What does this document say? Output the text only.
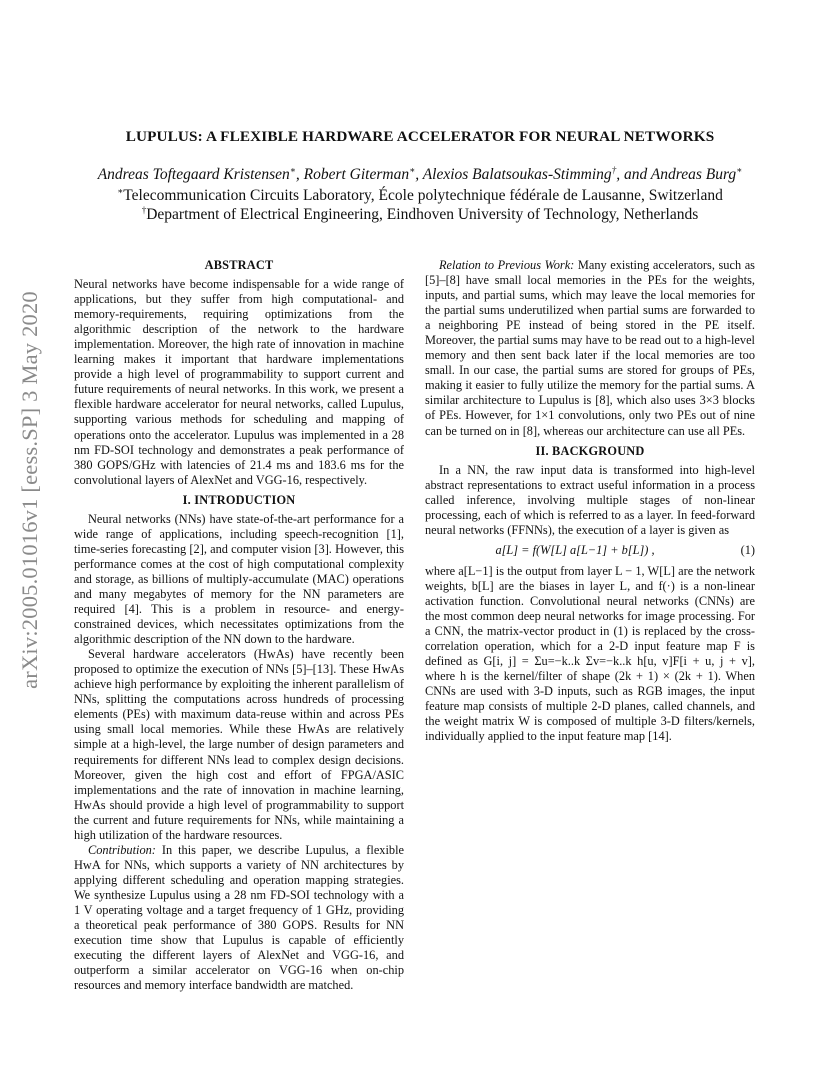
arXiv:2005.01016v1 [eess.SP] 3 May 2020
LUPULUS: A FLEXIBLE HARDWARE ACCELERATOR FOR NEURAL NETWORKS
Andreas Toftegaard Kristensen∗, Robert Giterman∗, Alexios Balatsoukas-Stimming†, and Andreas Burg∗
∗Telecommunication Circuits Laboratory, École polytechnique fédérale de Lausanne, Switzerland
†Department of Electrical Engineering, Eindhoven University of Technology, Netherlands

ABSTRACT

Neural networks have become indispensable for a wide range of applications, but they suffer from high computational- and memory-requirements, requiring optimizations from the algorithmic description of the network to the hardware implementation. Moreover, the high rate of innovation in machine learning makes it important that hardware implementations provide a high level of programmability to support current and future requirements of neural networks. In this work, we present a flexible hardware accelerator for neural networks, called Lupulus, supporting various methods for scheduling and mapping of operations onto the accelerator. Lupulus was implemented in a 28 nm FD-SOI technology and demonstrates a peak performance of 380 GOPS/GHz with latencies of 21.4 ms and 183.6 ms for the convolutional layers of AlexNet and VGG-16, respectively.

I. INTRODUCTION

Neural networks (NNs) have state-of-the-art performance for a wide range of applications, including speech-recognition [1], time-series forecasting [2], and computer vision [3]. However, this performance comes at the cost of high computational complexity and storage, as billions of multiply-accumulate (MAC) operations and many megabytes of memory for the NN parameters are required [4]. This is a problem in resource- and energy-constrained devices, which necessitates optimizations from the algorithmic description of the NN down to the hardware.

Several hardware accelerators (HwAs) have recently been proposed to optimize the execution of NNs [5]–[13]. These HwAs achieve high performance by exploiting the inherent parallelism of NNs, splitting the computations across hundreds of processing elements (PEs) with maximum data-reuse within and across PEs using small local memories. While these HwAs are relatively simple at a high-level, the large number of design parameters and requirements for different NNs lead to complex design decisions. Moreover, given the high cost and effort of FPGA/ASIC implementations and the rate of innovation in machine learning, HwAs should provide a high level of programmability to support the current and future requirements for NNs, while maintaining a high utilization of the hardware resources.

Contribution: In this paper, we describe Lupulus, a flexible HwA for NNs, which supports a variety of NN architectures by applying different scheduling and operation mapping strategies. We synthesize Lupulus using a 28 nm FD-SOI technology with a 1 V operating voltage and a target frequency of 1 GHz, providing a theoretical peak performance of 380 GOPS. Results for NN execution time show that Lupulus is capable of efficiently executing the different layers of AlexNet and VGG-16, and outperform a similar accelerator on VGG-16 when on-chip resources and memory interface bandwidth are matched.

Relation to Previous Work: Many existing accelerators, such as [5]–[8] have small local memories in the PEs for the weights, inputs, and partial sums, which may leave the local memories for the partial sums underutilized when partial sums are forwarded to a neighboring PE instead of being stored in the PE itself. Moreover, the partial sums may have to be read out to a high-level memory and then sent back later if the local memories are too small. In our case, the partial sums are stored for groups of PEs, making it easier to fully utilize the memory for the partial sums. A similar architecture to Lupulus is [8], which also uses 3×3 blocks of PEs. However, for 1×1 convolutions, only two PEs out of nine can be turned on in [8], whereas our architecture can use all PEs.

II. BACKGROUND

In a NN, the raw input data is transformed into high-level abstract representations to extract useful information in a process called inference, involving multiple stages of non-linear processing, each of which is referred to as a layer. In feed-forward neural networks (FFNNs), the execution of a layer is given as

a[L] = f(W[L] a[L−1] + b[L]) ,	(1)

where a[L−1] is the output from layer L − 1, W[L] are the network weights, b[L] are the biases in layer L, and f(·) is a non-linear activation function. Convolutional neural networks (CNNs) are the most common deep neural networks for image processing. For a CNN, the matrix-vector product in (1) is replaced by the cross-correlation operation, which for a 2-D input feature map F is defined as G[i, j] = Σu=−k..k Σv=−k..k h[u, v]F[i + u, j + v], where h is the kernel/filter of shape (2k + 1) × (2k + 1). When CNNs are used with 3-D inputs, such as RGB images, the input feature map consists of multiple 2-D planes, called channels, and the weight matrix W is composed of multiple 3-D filters/kernels, individually applied to the input feature map [14].
